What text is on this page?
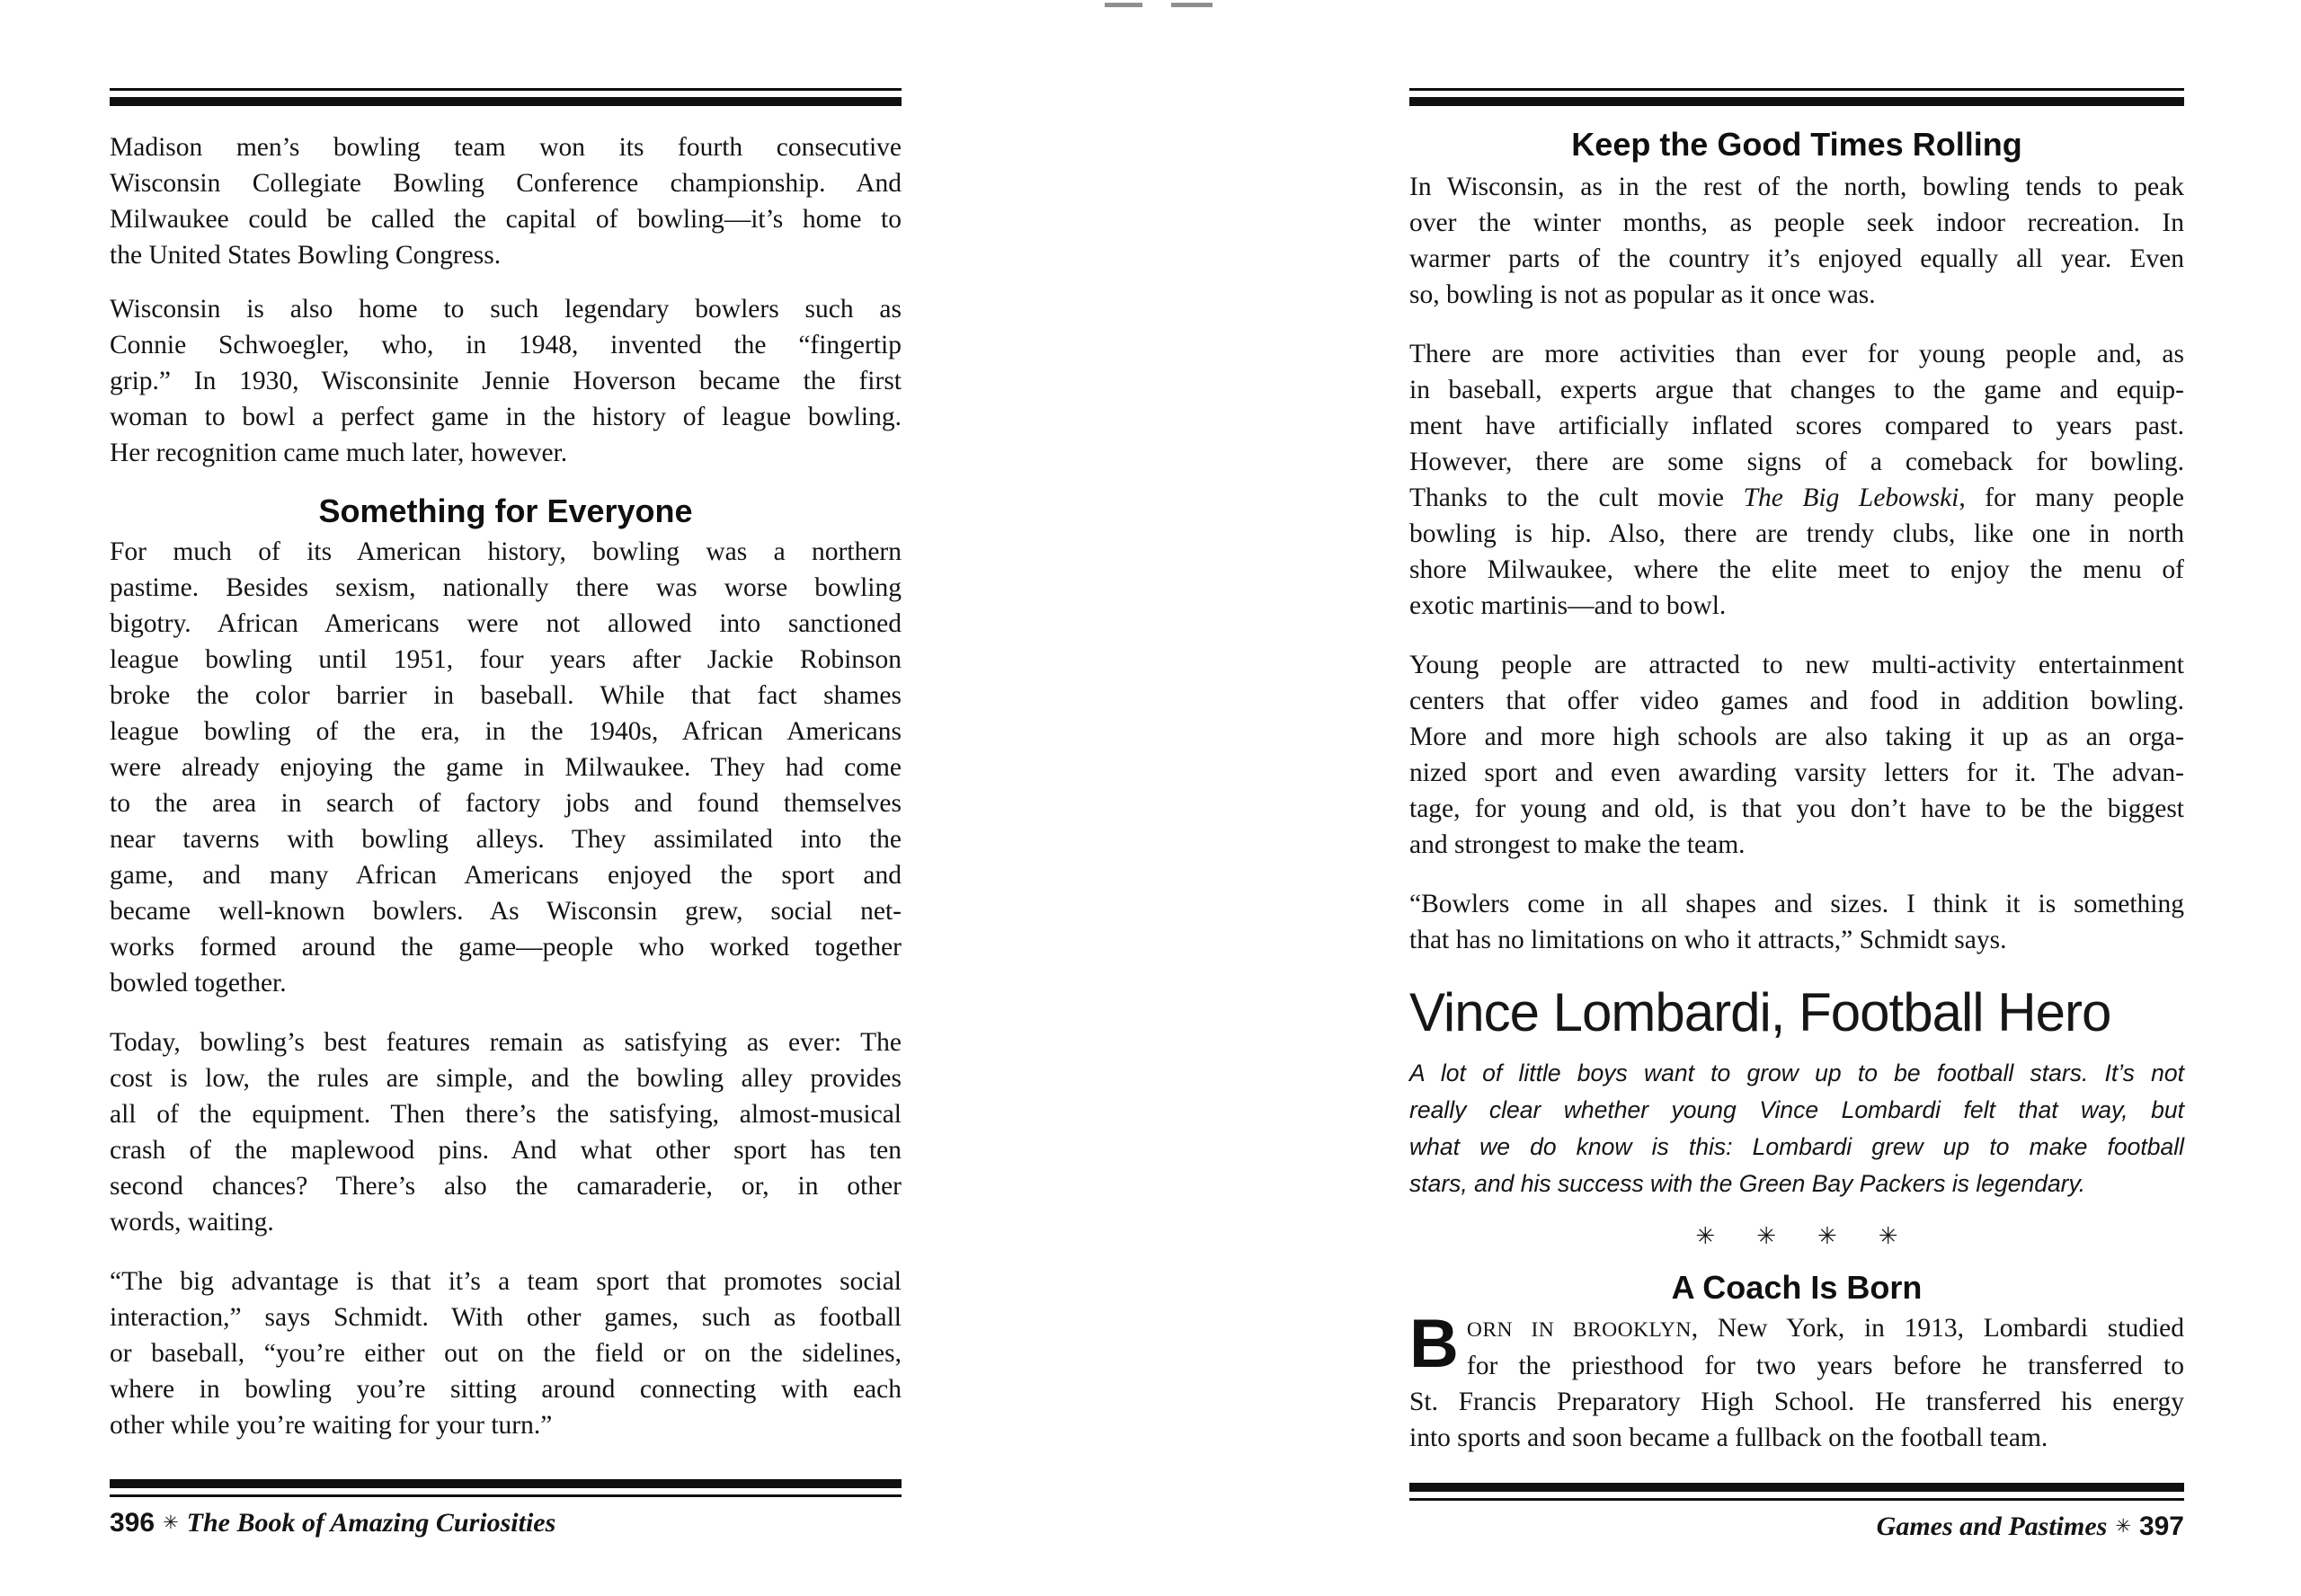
Madison men’s bowling team won its fourth consecutive
Wisconsin Collegiate Bowling Conference championship. And
Milwaukee could be called the capital of bowling—it’s home to
the United States Bowling Congress.
Wisconsin is also home to such legendary bowlers such as
Connie Schwoegler, who, in 1948, invented the “fingertip
grip.” In 1930, Wisconsinite Jennie Hoverson became the first
woman to bowl a perfect game in the history of league bowling.
Her recognition came much later, however.
Something for Everyone
For much of its American history, bowling was a northern
pastime. Besides sexism, nationally there was worse bowling
bigotry. African Americans were not allowed into sanctioned
league bowling until 1951, four years after Jackie Robinson
broke the color barrier in baseball. While that fact shames
league bowling of the era, in the 1940s, African Americans
were already enjoying the game in Milwaukee. They had come
to the area in search of factory jobs and found themselves
near taverns with bowling alleys. They assimilated into the
game, and many African Americans enjoyed the sport and
became well-known bowlers. As Wisconsin grew, social net-
works formed around the game—people who worked together
bowled together.
Today, bowling’s best features remain as satisfying as ever: The
cost is low, the rules are simple, and the bowling alley provides
all of the equipment. Then there’s the satisfying, almost-musical
crash of the maplewood pins. And what other sport has ten
second chances? There’s also the camaraderie, or, in other
words, waiting.
“The big advantage is that it’s a team sport that promotes social
interaction,” says Schmidt. With other games, such as football
or baseball, “you’re either out on the field or on the sidelines,
where in bowling you’re sitting around connecting with each
other while you’re waiting for your turn.”
396 ✳ The Book of Amazing Curiosities
Keep the Good Times Rolling
In Wisconsin, as in the rest of the north, bowling tends to peak
over the winter months, as people seek indoor recreation. In
warmer parts of the country it’s enjoyed equally all year. Even
so, bowling is not as popular as it once was.
There are more activities than ever for young people and, as
in baseball, experts argue that changes to the game and equip-
ment have artificially inflated scores compared to years past.
However, there are some signs of a comeback for bowling.
Thanks to the cult movie The Big Lebowski, for many people
bowling is hip. Also, there are trendy clubs, like one in north
shore Milwaukee, where the elite meet to enjoy the menu of
exotic martinis—and to bowl.
Young people are attracted to new multi-activity entertainment
centers that offer video games and food in addition bowling.
More and more high schools are also taking it up as an orga-
nized sport and even awarding varsity letters for it. The advan-
tage, for young and old, is that you don’t have to be the biggest
and strongest to make the team.
“Bowlers come in all shapes and sizes. I think it is something
that has no limitations on who it attracts,” Schmidt says.
Vince Lombardi, Football Hero
A lot of little boys want to grow up to be football stars. It’s not
really clear whether young Vince Lombardi felt that way, but
what we do know is this: Lombardi grew up to make football
stars, and his success with the Green Bay Packers is legendary.
✳ ✳ ✳ ✳
A Coach Is Born
B ORN IN BROOKLYN, New York, in 1913, Lombardi studied
for the priesthood for two years before he transferred to
St. Francis Preparatory High School. He transferred his energy
into sports and soon became a fullback on the football team.
Games and Pastimes ✳ 397
